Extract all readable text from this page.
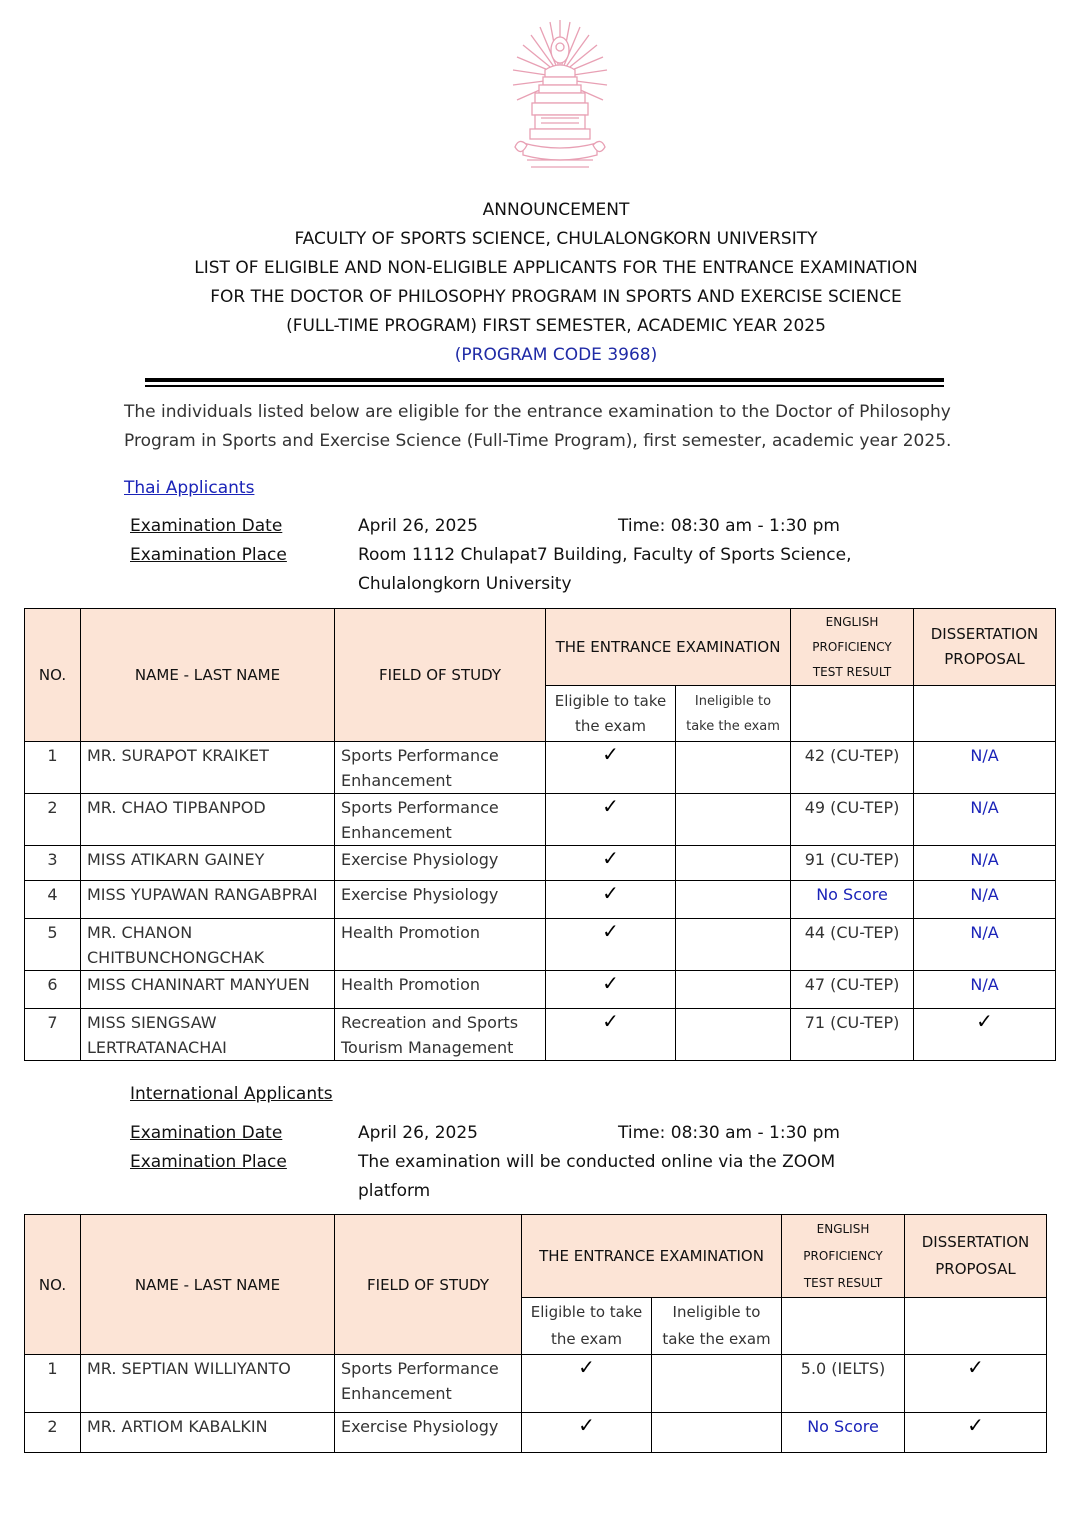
ANNOUNCEMENT
FACULTY OF SPORTS SCIENCE, CHULALONGKORN UNIVERSITY
LIST OF ELIGIBLE AND NON-ELIGIBLE APPLICANTS FOR THE ENTRANCE EXAMINATION
FOR THE DOCTOR OF PHILOSOPHY PROGRAM IN SPORTS AND EXERCISE SCIENCE
(FULL-TIME PROGRAM) FIRST SEMESTER, ACADEMIC YEAR 2025
(PROGRAM CODE 3968)
The individuals listed below are eligible for the entrance examination to the Doctor of Philosophy
Program in Sports and Exercise Science (Full-Time Program), first semester, academic year 2025.
Thai Applicants
Examination Date	April 26, 2025	Time: 08:30 am - 1:30 pm
Examination Place	Room 1112 Chulapat7 Building, Faculty of Sports Science,
Chulalongkorn University
NO.	NAME - LAST NAME	FIELD OF STUDY	THE ENTRANCE EXAMINATION		ENGLISH PROFICIENCY TEST RESULT	DISSERTATION PROPOSAL
			Eligible to take the exam	Ineligible to take the exam		
1	MR. SURAPOT KRAIKET	Sports Performance Enhancement	✓		42 (CU-TEP)	N/A
2	MR. CHAO TIPBANPOD	Sports Performance Enhancement	✓		49 (CU-TEP)	N/A
3	MISS ATIKARN GAINEY	Exercise Physiology	✓		91 (CU-TEP)	N/A
4	MISS YUPAWAN RANGABPRAI	Exercise Physiology	✓		No Score	N/A
5	MR. CHANON CHITBUNCHONGCHAK	Health Promotion	✓		44 (CU-TEP)	N/A
6	MISS CHANINART MANYUEN	Health Promotion	✓		47 (CU-TEP)	N/A
7	MISS SIENGSAW LERTRATANACHAI	Recreation and Sports Tourism Management	✓		71 (CU-TEP)	✓
International Applicants
Examination Date	April 26, 2025	Time: 08:30 am - 1:30 pm
Examination Place	The examination will be conducted online via the ZOOM
platform
NO.	NAME - LAST NAME	FIELD OF STUDY	THE ENTRANCE EXAMINATION		ENGLISH PROFICIENCY TEST RESULT	DISSERTATION PROPOSAL
			Eligible to take the exam	Ineligible to take the exam		
1	MR. SEPTIAN WILLIYANTO	Sports Performance Enhancement	✓		5.0 (IELTS)	✓
2	MR. ARTIOM KABALKIN	Exercise Physiology	✓		No Score	✓
